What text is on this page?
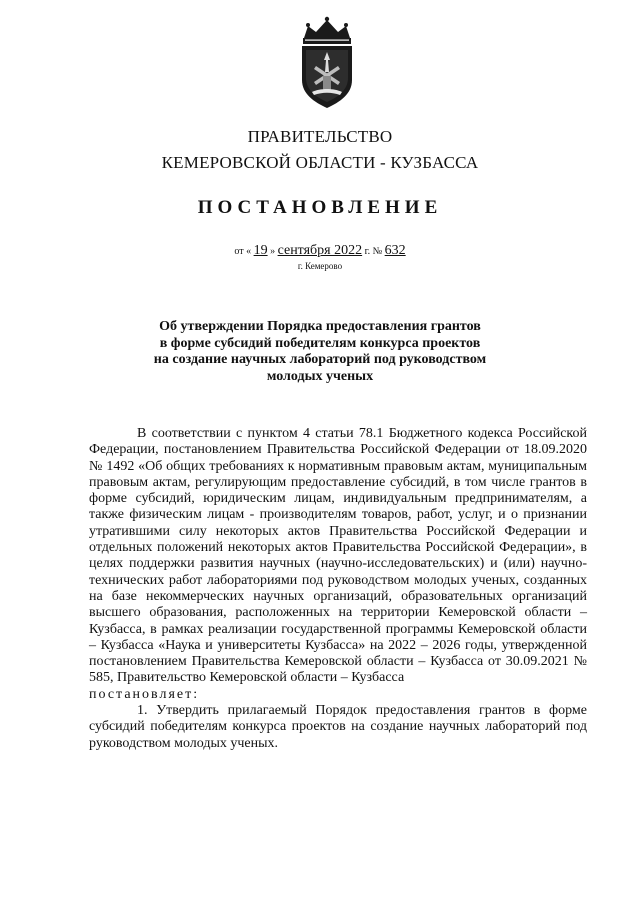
ПРАВИТЕЛЬСТВО
КЕМЕРОВСКОЙ ОБЛАСТИ - КУЗБАССА
ПОСТАНОВЛЕНИЕ
от « 19 » сентября 2022 г. № 632
г. Кемерово
Об утверждении Порядка предоставления грантов
в форме субсидий победителям конкурса проектов
на создание научных лабораторий под руководством
молодых ученых

В соответствии с пунктом 4 статьи 78.1 Бюджетного кодекса Российской Федерации, постановлением Правительства Российской Федерации от 18.09.2020 № 1492 «Об общих требованиях к нормативным правовым актам, муниципальным правовым актам, регулирующим предоставление субсидий, в том числе грантов в форме субсидий, юридическим лицам, индивидуальным предпринимателям, а также физическим лицам - производителям товаров, работ, услуг, и о признании утратившими силу некоторых актов Правительства Российской Федерации и отдельных положений некоторых актов Правительства Российской Федерации», в целях поддержки развития научных (научно-исследовательских) и (или) научно-технических работ лабораториями под руководством молодых ученых, созданных на базе некоммерческих научных организаций, образовательных организаций высшего образования, расположенных на территории Кемеровской области – Кузбасса, в рамках реализации государственной программы Кемеровской области – Кузбасса «Наука и университеты Кузбасса» на 2022 – 2026 годы, утвержденной постановлением Правительства Кемеровской области – Кузбасса от 30.09.2021 № 585, Правительство Кемеровской области – Кузбасса

постановляет:

1. Утвердить прилагаемый Порядок предоставления грантов в форме субсидий победителям конкурса проектов на создание научных лабораторий под руководством молодых ученых.
